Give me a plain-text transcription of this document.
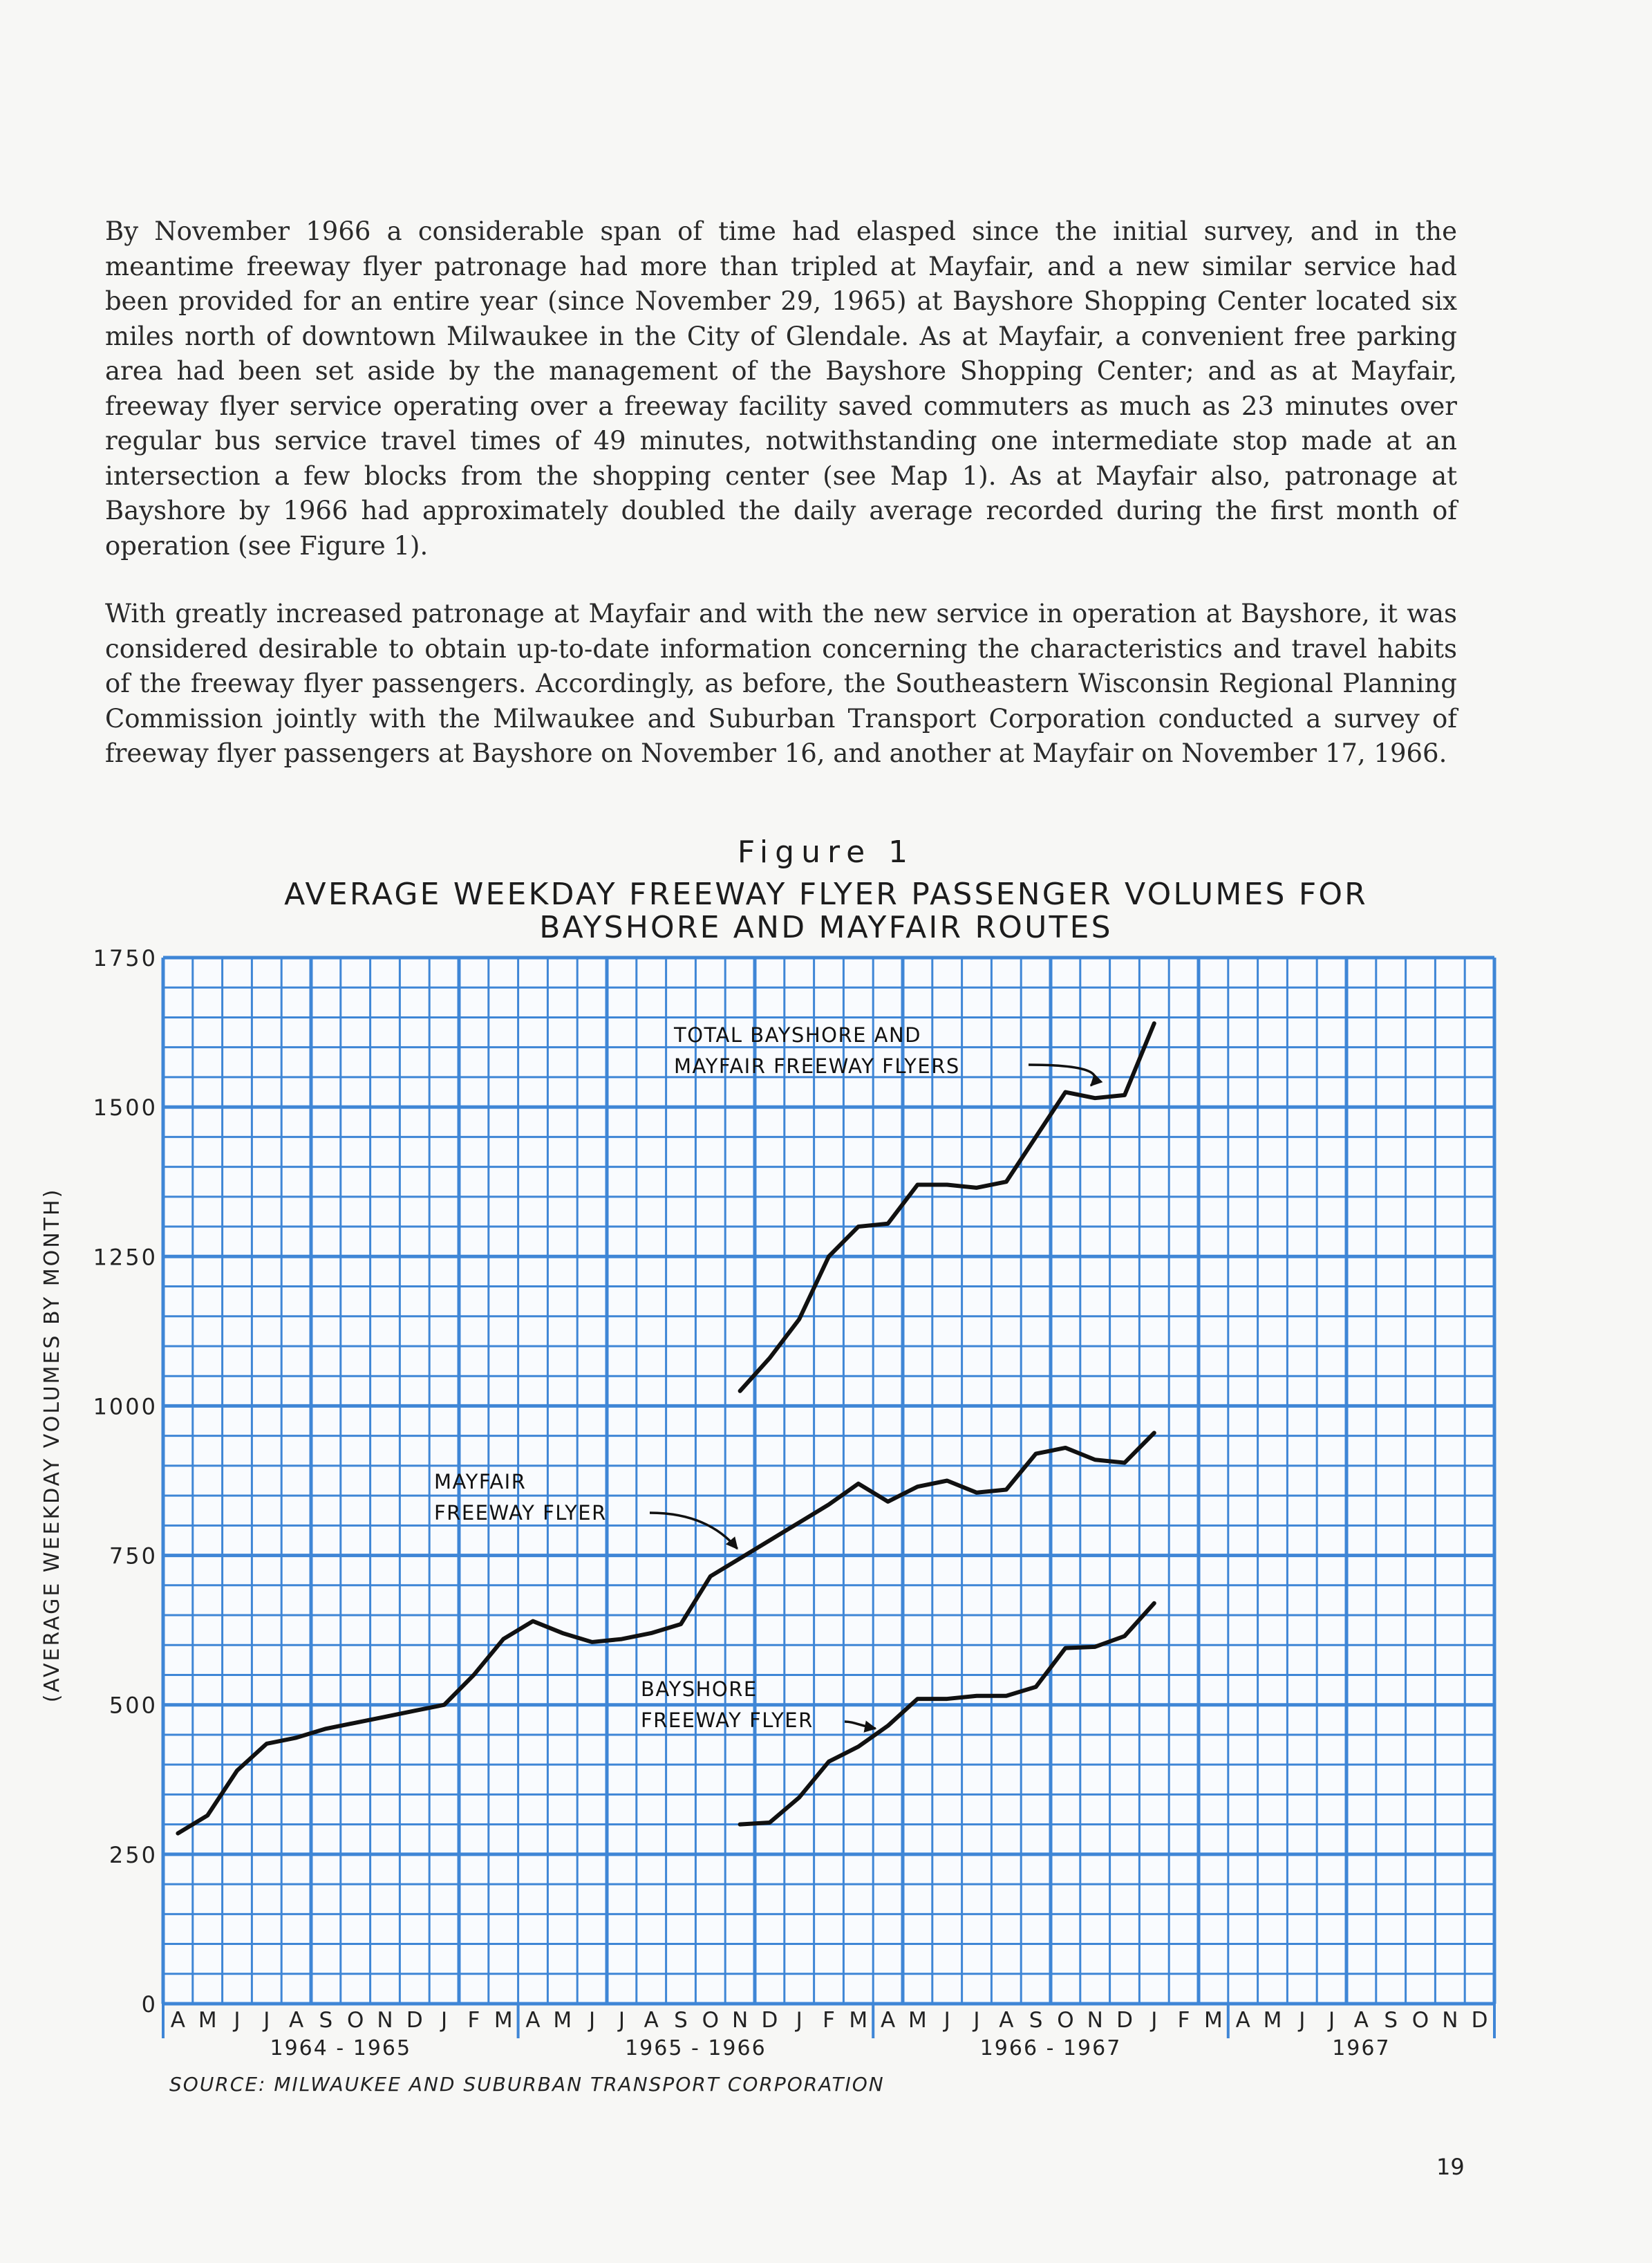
By November 1966 a considerable span of time had elasped since the initial survey, and in the meantime freeway flyer patronage had more than tripled at Mayfair, and a new similar service had been provided for an entire year (since November 29, 1965) at Bayshore Shopping Center located six miles north of downtown Milwaukee in the City of Glendale. As at Mayfair, a convenient free parking area had been set aside by the management of the Bayshore Shopping Center; and as at Mayfair, freeway flyer service operating over a freeway facility saved commuters as much as 23 minutes over regular bus service travel times of 49 minutes, notwithstanding one intermediate stop made at an intersection a few blocks from the shopping center (see Map 1). As at Mayfair also, patronage at Bayshore by 1966 had approximately doubled the daily average recorded during the first month of operation (see Figure 1).

With greatly increased patronage at Mayfair and with the new service in operation at Bayshore, it was considered desirable to obtain up-to-date information concerning the characteristics and travel habits of the freeway flyer passengers. Accordingly, as before, the Southeastern Wisconsin Regional Planning Commission jointly with the Milwaukee and Suburban Transport Corporation conducted a survey of freeway flyer passengers at Bayshore on November 16, and another at Mayfair on November 17, 1966.

Figure 1
AVERAGE WEEKDAY FREEWAY FLYER PASSENGER VOLUMES FOR
BAYSHORE AND MAYFAIR ROUTES
0
250
500
750
1000
1250
1500
1750
A M J J A S O N D J F M A M J J A S O N D J F M A M J J A S O N D J F M A M J J A S O N D
1964 - 1965	1965 - 1966	1966 - 1967	1967
TOTAL BAYSHORE AND MAYFAIR FREEWAY FLYERS
MAYFAIR FREEWAY FLYER
BAYSHORE FREEWAY FLYER
(AVERAGE WEEKDAY VOLUMES BY MONTH)
SOURCE: MILWAUKEE AND SUBURBAN TRANSPORT CORPORATION
19
